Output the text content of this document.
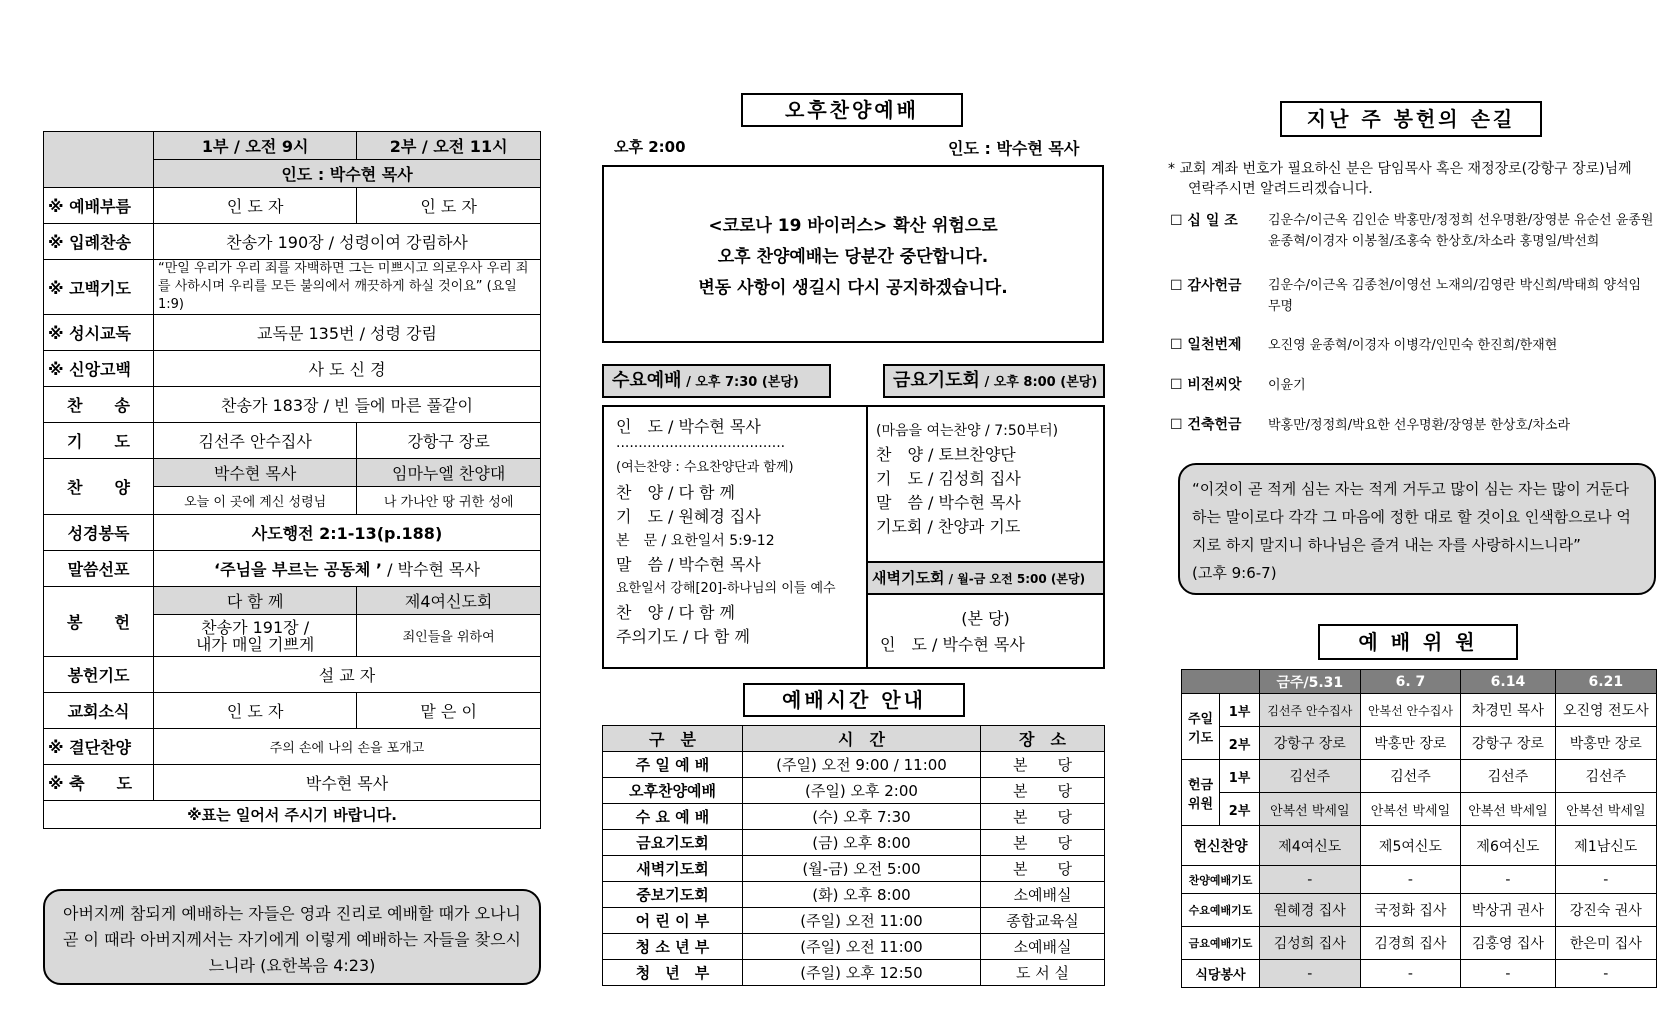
	1부 / 오전 9시	2부 / 오전 11시
	인도 : 박수현 목사	
※ 예배부름	인 도 자	인 도 자
※ 입례찬송	찬송가 190장 / 성령이여 강림하사	
※ 고백기도	“만일 우리가 우리 죄를 자백하면 그는 미쁘시고 의로우사 우리 죄를 사하시며 우리를 모든 불의에서 깨끗하게 하실 것이요” (요일 1:9)	
※ 성시교독	교독문 135번 / 성령 강림	
※ 신앙고백	사 도 신 경	
찬　　송	찬송가 183장 / 빈 들에 마른 풀같이	
기　　도	김선주 안수집사	강항구 장로
찬　　양	박수현 목사	임마누엘 찬양대
	오늘 이 곳에 계신 성령님	나 가나안 땅 귀한 성에
성경봉독	사도행전 2:1-13(p.188)	
말씀선포	‘주님을 부르는 공동체 ’ / 박수현 목사	
봉　　헌	다 함 께	제4여신도회
	찬송가 191장 /
내가 매일 기쁘게	죄인들을 위하여
봉헌기도	설 교 자	
교회소식	인 도 자	맡 은 이
※ 결단찬양	주의 손에 나의 손을 포개고	
※ 축　　도	박수현 목사	
※표는 일어서 주시기 바랍니다.		
아버지께 참되게 예배하는 자들은 영과 진리로 예배할 때가 오나니 곧 이 때라 아버지께서는 자기에게 이렇게 예배하는 자들을 찾으시느니라 (요한복음 4:23)
오후찬양예배
오후 2:00	인도 : 박수현 목사
<코로나 19 바이러스> 확산 위험으로
오후 찬양예배는 당분간 중단합니다.
변동 사항이 생길시 다시 공지하겠습니다.
수요예배 / 오후 7:30 (본당)	금요기도회 / 오후 8:00 (본당)
인　도 / 박수현 목사
······································
(여는찬양 : 수요찬양단과 함께)
찬　양 / 다 함 께
기　도 / 원혜경 집사
본　문 / 요한일서 5:9-12
말　씀 / 박수현 목사
요한일서 강해[20]-하나님의 이들 예수
찬　양 / 다 함 께
주의기도 / 다 함 께
(마음을 여는찬양 / 7:50부터)
찬　양 / 토브찬양단
기　도 / 김성희 집사
말　씀 / 박수현 목사
기도회 / 찬양과 기도
새벽기도회 / 월-금 오전 5:00 (본당)
(본 당)
인　도 / 박수현 목사
예배시간 안내
구　분	시　간	장　소
주 일 예 배	(주일) 오전 9:00 / 11:00	본　　당
오후찬양예배	(주일) 오후 2:00	본　　당
수 요 예 배	(수) 오후 7:30	본　　당
금요기도회	(금) 오후 8:00	본　　당
새벽기도회	(월-금) 오전 5:00	본　　당
중보기도회	(화) 오후 8:00	소예배실
어 린 이 부	(주일) 오전 11:00	종합교육실
청 소 년 부	(주일) 오전 11:00	소예배실
청　년　부	(주일) 오후 12:50	도 서 실
지난 주 봉헌의 손길
* 교회 계좌 번호가 필요하신 분은 담임목사 혹은 재정장로(강항구 장로)님께
연락주시면 알려드리겠습니다.
☐ 십 일 조 김운수/이근옥 김인순 박홍만/정정희 선우명환/장영분 유순선 윤종원
윤종혁/이경자 이봉철/조홍숙 한상호/차소라 홍명일/박선희
☐ 감사헌금 김운수/이근옥 김종천/이영선 노재의/김영란 박신희/박태희 양석임
무명
☐ 일천번제 오진영 윤종혁/이경자 이병각/인민숙 한진희/한재현
☐ 비전씨앗 이윤기
☐ 건축헌금 박홍만/정정희/박요한 선우명환/장영분 한상호/차소라
“이것이 곧 적게 심는 자는 적게 거두고 많이 심는 자는 많이 거둔다 하는 말이로다 각각 그 마음에 정한 대로 할 것이요 인색함으로나 억지로 하지 말지니 하나님은 즐겨 내는 자를 사랑하시느니라”
(고후 9:6-7)
예 배 위 원
		금주/5.31	6. 7	6.14	6.21
주일 기도	1부	김선주 안수집사	안복선 안수집사	차경민 목사	오진영 전도사
	2부	강항구 장로	박홍만 장로	강항구 장로	박홍만 장로
헌금 위원	1부	김선주	김선주	김선주	김선주
	2부	안복선 박세일	안복선 박세일	안복선 박세일	안복선 박세일
헌신찬양		제4여신도	제5여신도	제6여신도	제1남신도
찬양예배기도		-	-	-	-
수요예배기도		원혜경 집사	국정화 집사	박상귀 권사	강진숙 권사
금요예배기도		김성희 집사	김경희 집사	김홍영 집사	한은미 집사
식당봉사		-	-	-	-
